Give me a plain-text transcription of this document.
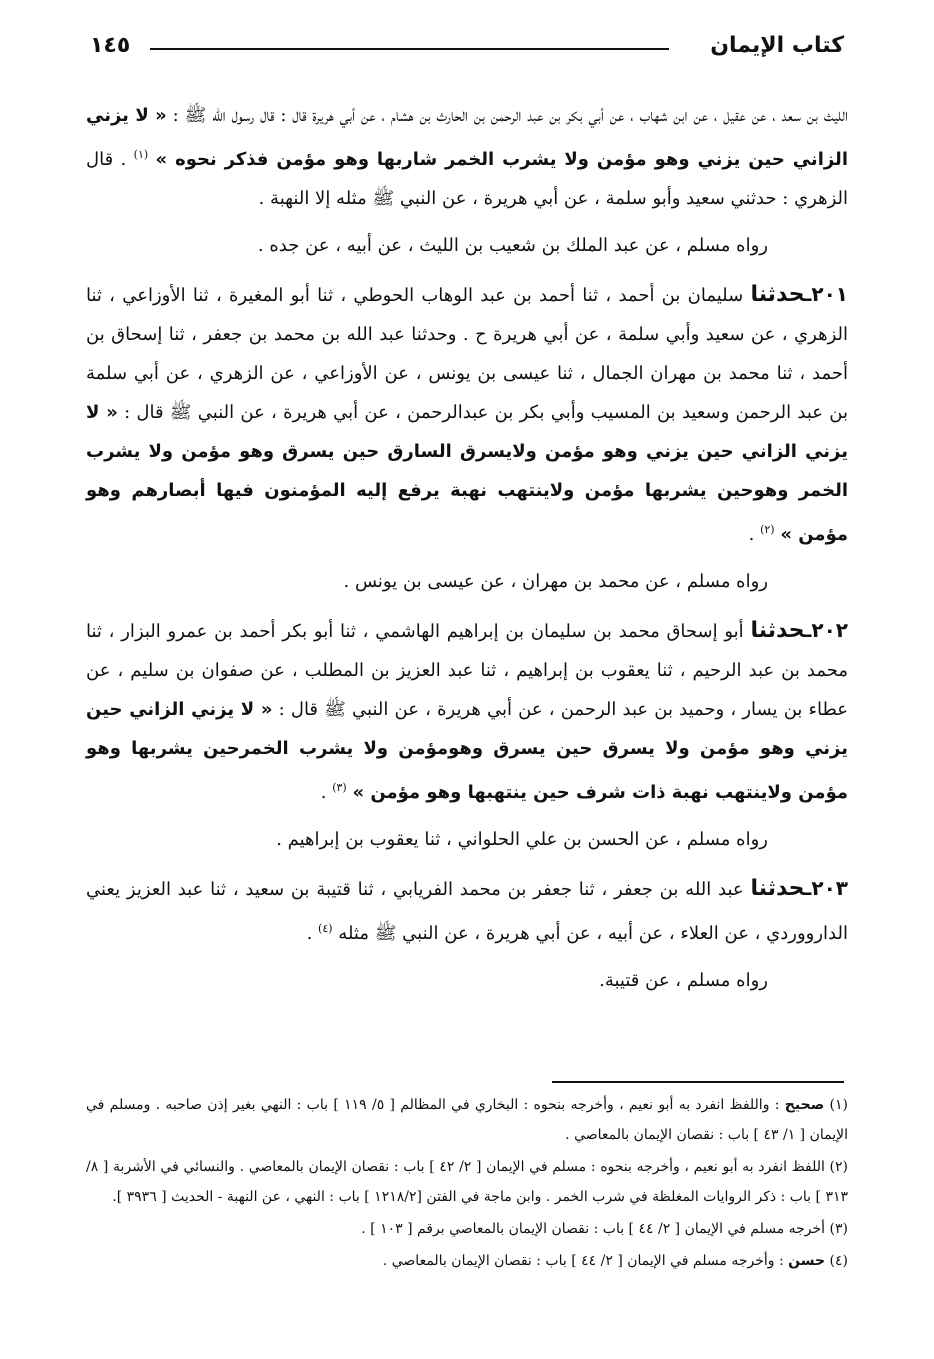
كتاب الإيمان
١٤٥

الليث بن سعد ، عن عقيل ، عن ابن شهاب ، عن أبي بكر بن عبد الرحمن بن الحارث بن هشام ، عن أبي هريرة قال : قال رسول الله ﷺ : « لا يزني الزاني حين يزني وهو مؤمن ولا يشرب الخمر شاربها وهو مؤمن فذكر نحوه » $^{(١)}$ . قال الزهري : حدثني سعيد وأبو سلمة ، عن أبي هريرة ، عن النبي ﷺ مثله إلا النهبة .

رواه مسلم ، عن عبد الملك بن شعيب بن الليث ، عن أبيه ، عن جده .

٢٠١ـحدثنا سليمان بن أحمد ، ثنا أحمد بن عبد الوهاب الحوطي ، ثنا أبو المغيرة ، ثنا الأوزاعي ، ثنا الزهري ، عن سعيد وأبي سلمة ، عن أبي هريرة ح . وحدثنا عبد الله بن محمد بن جعفر ، ثنا إسحاق بن أحمد ، ثنا محمد بن مهران الجمال ، ثنا عيسى بن يونس ، عن الأوزاعي ، عن الزهري ، عن أبي سلمة بن عبد الرحمن وسعيد بن المسيب وأبي بكر بن عبدالرحمن ، عن أبي هريرة ، عن النبي ﷺ قال : « لا يزني الزاني حين يزني وهو مؤمن ولايسرق السارق حين يسرق وهو مؤمن ولا يشرب الخمر وهوحين يشربها مؤمن ولاينتهب نهبة يرفع إليه المؤمنون فيها أبصارهم وهو مؤمن » $^{(٢)}$ .

رواه مسلم ، عن محمد بن مهران ، عن عيسى بن يونس .

٢٠٢ـحدثنا أبو إسحاق محمد بن سليمان بن إبراهيم الهاشمي ، ثنا أبو بكر أحمد بن عمرو البزار ، ثنا محمد بن عبد الرحيم ، ثنا يعقوب بن إبراهيم ، ثنا عبد العزيز بن المطلب ، عن صفوان بن سليم ، عن عطاء بن يسار ، وحميد بن عبد الرحمن ، عن أبي هريرة ، عن النبي ﷺ قال : « لا يزني الزاني حين يزني وهو مؤمن ولا يسرق حين يسرق وهومؤمن ولا يشرب الخمرحين يشربها وهو مؤمن ولاينتهب نهبة ذات شرف حين ينتهبها وهو مؤمن » $^{(٣)}$ .

رواه مسلم ، عن الحسن بن علي الحلواني ، ثنا يعقوب بن إبراهيم .

٢٠٣ـحدثنا عبد الله بن جعفر ، ثنا جعفر بن محمد الفريابي ، ثنا قتيبة بن سعيد ، ثنا عبد العزيز يعني الدارووردي ، عن العلاء ، عن أبيه ، عن أبي هريرة ، عن النبي ﷺ مثله $^{(٤)}$ .

رواه مسلم ، عن قتيبة.

(١) صحيح : واللفظ انفرد به أبو نعيم ، وأخرجه بنحوه : البخاري في المظالم [ ٥/ ١١٩ ] باب : النهي بغير إذن صاحبه . ومسلم في الإيمان [ ١/ ٤٣ ] باب : نقصان الإيمان بالمعاصي .

(٢) اللفظ انفرد به أبو نعيم ، وأخرجه بنحوه : مسلم في الإيمان [ ٢/ ٤٢ ] باب : نقصان الإيمان بالمعاصي . والنسائي في الأشربة [ ٨/ ٣١٣ ] باب : ذكر الروايات المغلظة في شرب الخمر . وابن ماجة في الفتن [١٢١٨/٢ ] باب : النهي ، عن النهبة - الحديث [ ٣٩٣٦ ].

(٣) أخرجه مسلم في الإيمان [ ٢/ ٤٤ ] باب : نقصان الإيمان بالمعاصي برقم [ ١٠٣ ] .

(٤) حسن : وأخرجه مسلم في الإيمان [ ٢/ ٤٤ ] باب : نقصان الإيمان بالمعاصي .
